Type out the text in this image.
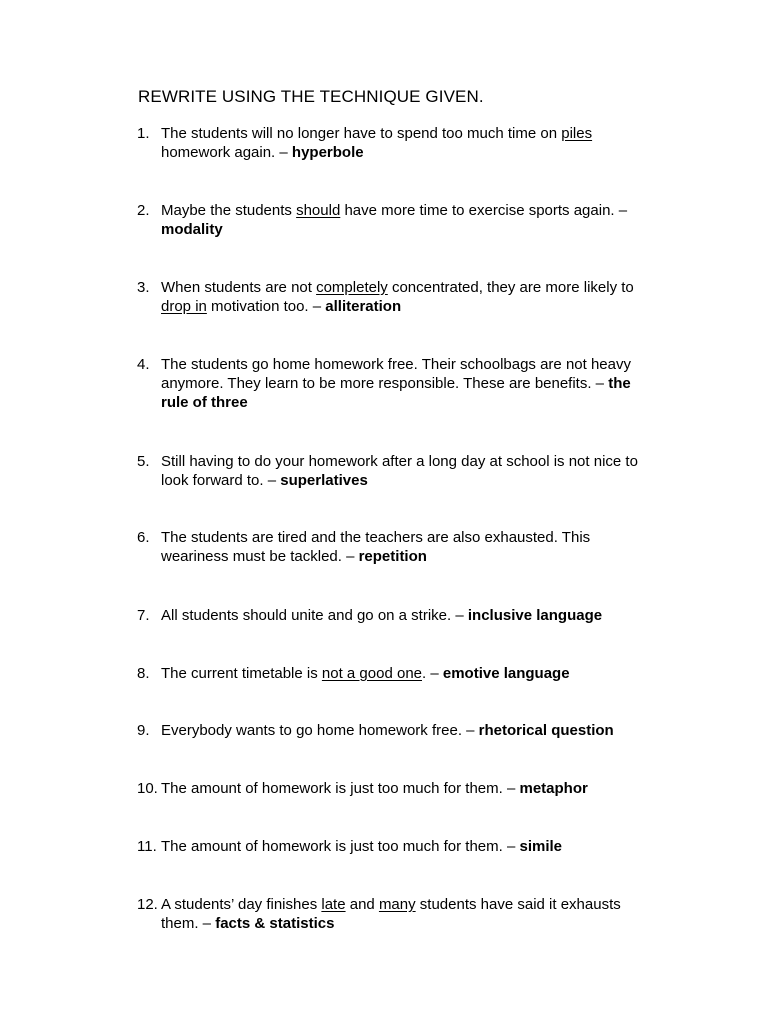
REWRITE USING THE TECHNIQUE GIVEN.
1. The students will no longer have to spend too much time on piles homework again. – hyperbole
2. Maybe the students should have more time to exercise sports again. – modality
3. When students are not completely concentrated, they are more likely to drop in motivation too. – alliteration
4. The students go home homework free. Their schoolbags are not heavy anymore. They learn to be more responsible. These are benefits. – the rule of three
5. Still having to do your homework after a long day at school is not nice to look forward to. – superlatives
6. The students are tired and the teachers are also exhausted. This weariness must be tackled. – repetition
7. All students should unite and go on a strike. – inclusive language
8. The current timetable is not a good one. – emotive language
9. Everybody wants to go home homework free. – rhetorical question
10. The amount of homework is just too much for them. – metaphor
11. The amount of homework is just too much for them. – simile
12. A students’ day finishes late and many students have said it exhausts them. – facts & statistics
